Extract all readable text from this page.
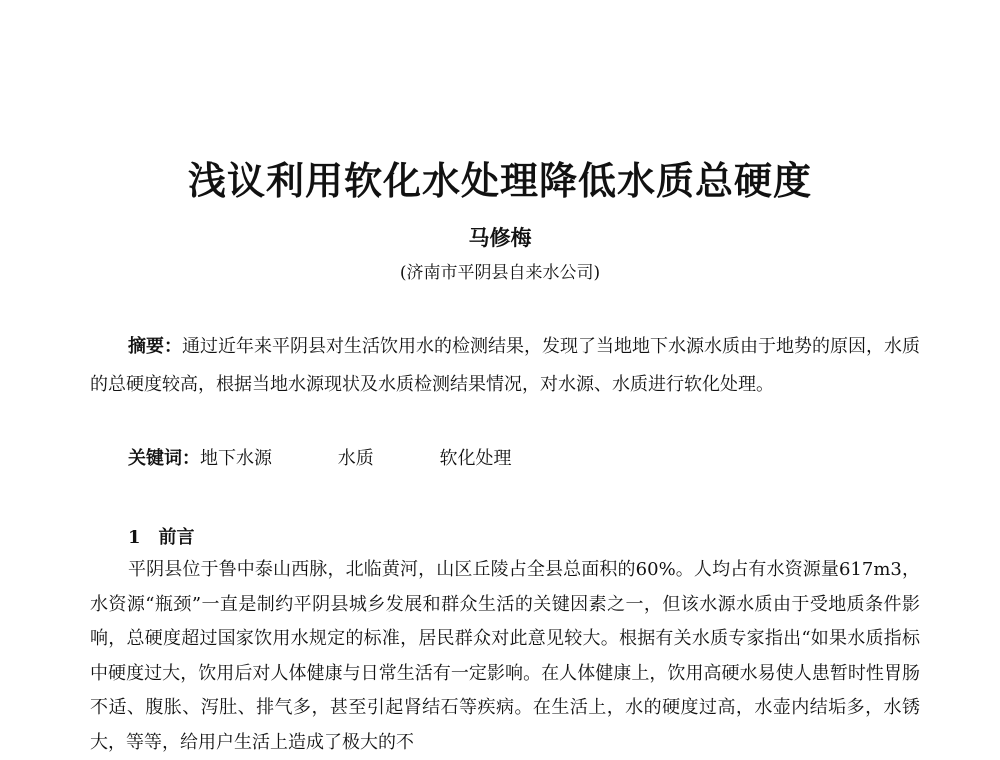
浅议利用软化水处理降低水质总硬度
马修梅
(济南市平阴县自来水公司)
摘要：通过近年来平阴县对生活饮用水的检测结果，发现了当地地下水源水质由于地势的原因，水质的总硬度较高，根据当地水源现状及水质检测结果情况，对水源、水质进行软化处理。
关键词：地下水源	水质	软化处理
1 前言
平阴县位于鲁中泰山西脉，北临黄河，山区丘陵占全县总面积的60%。人均占有水资源量617m3，水资源“瓶颈”一直是制约平阴县城乡发展和群众生活的关键因素之一，但该水源水质由于受地质条件影响，总硬度超过国家饮用水规定的标准，居民群众对此意见较大。根据有关水质专家指出“如果水质指标中硬度过大，饮用后对人体健康与日常生活有一定影响。在人体健康上，饮用高硬水易使人患暂时性胃肠不适、腹胀、泻肚、排气多，甚至引起肾结石等疾病。在生活上，水的硬度过高，水壶内结垢多，水锈大，等等，给用户生活上造成了极大的不
